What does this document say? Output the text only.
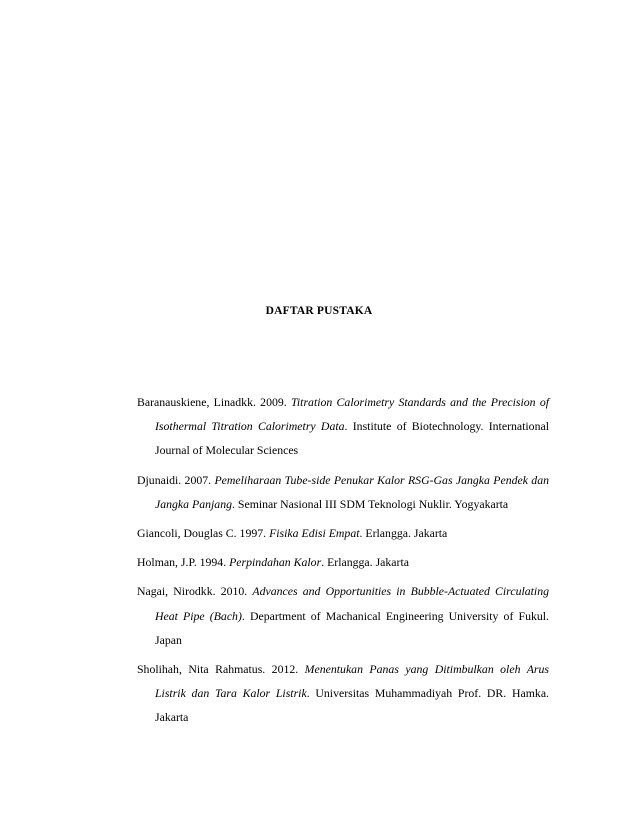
DAFTAR PUSTAKA

Baranauskiene, Linadkk. 2009. Titration Calorimetry Standards and the Precision of Isothermal Titration Calorimetry Data. Institute of Biotechnology. International Journal of Molecular Sciences

Djunaidi. 2007. Pemeliharaan Tube-side Penukar Kalor RSG-Gas Jangka Pendek dan Jangka Panjang. Seminar Nasional III SDM Teknologi Nuklir. Yogyakarta

Giancoli, Douglas C. 1997. Fisika Edisi Empat. Erlangga. Jakarta

Holman, J.P. 1994. Perpindahan Kalor. Erlangga. Jakarta

Nagai, Nirodkk. 2010. Advances and Opportunities in Bubble-Actuated Circulating Heat Pipe (Bach). Department of Machanical Engineering University of Fukul. Japan

Sholihah, Nita Rahmatus. 2012. Menentukan Panas yang Ditimbulkan oleh Arus Listrik dan Tara Kalor Listrik. Universitas Muhammadiyah Prof. DR. Hamka. Jakarta
